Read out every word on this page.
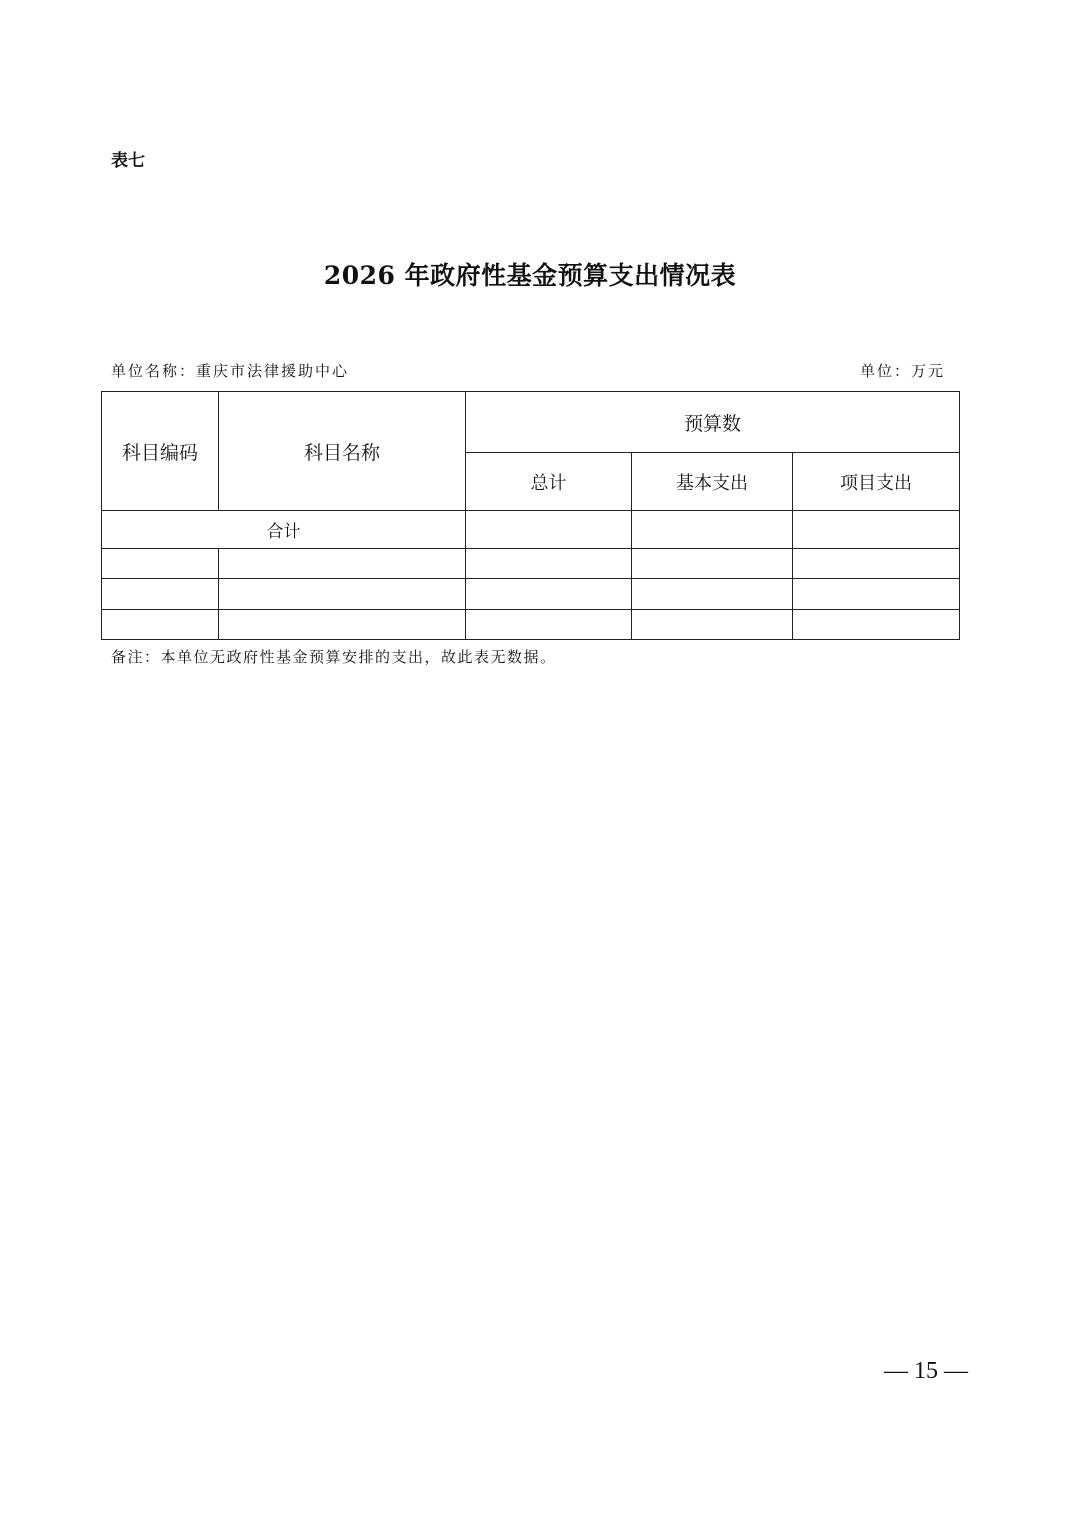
表七
2026 年政府性基金预算支出情况表
单位名称：重庆市法律援助中心	单位：万元
科目编码	科目名称	预算数		
		总计	基本支出	项目支出
合计				

备注：本单位无政府性基金预算安排的支出，故此表无数据。
— 15 —
